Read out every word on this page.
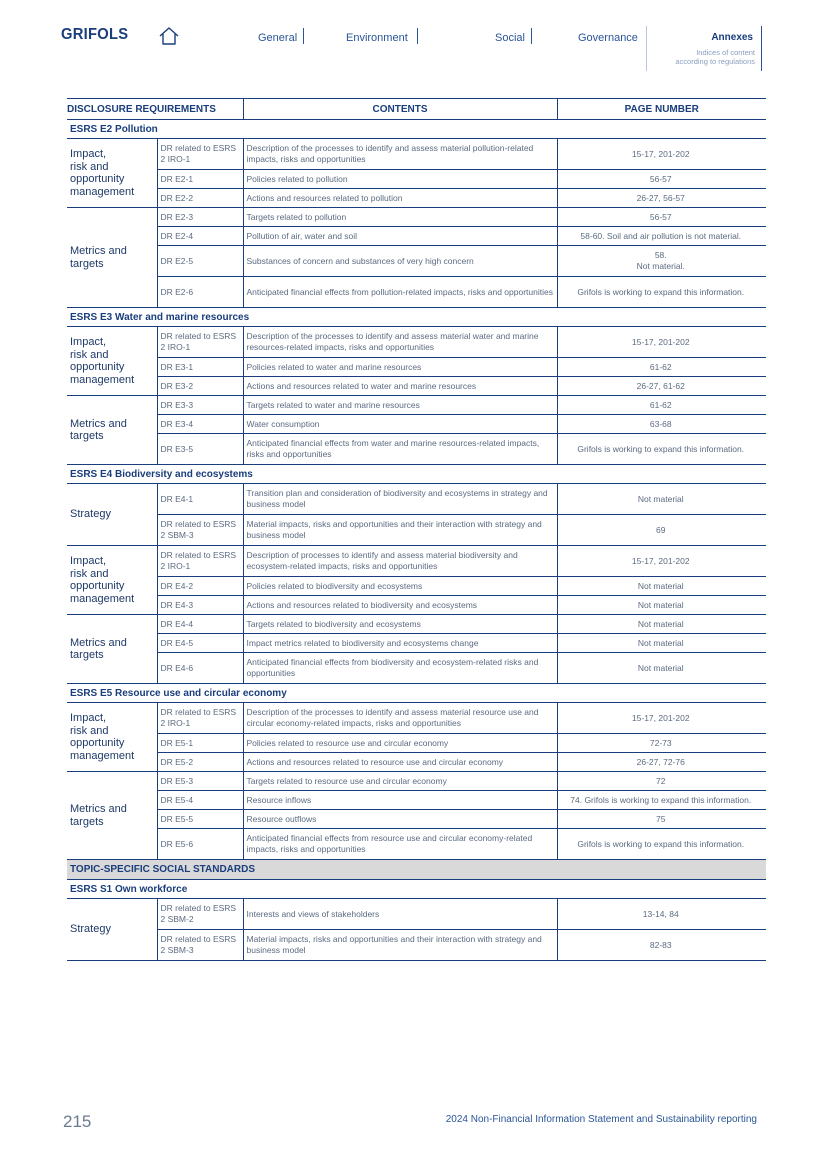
GRIFOLS	General	Environment	Social	Governance	Annexes
Indices of content
according to regulations
DISCLOSURE REQUIREMENTS		CONTENTS	PAGE NUMBER
ESRS E2 Pollution			
Impact,
risk and
opportunity
management	DR related to ESRS 2 IRO-1	Description of the processes to identify and assess material pollution-related impacts, risks and opportunities	15-17, 201-202
	DR E2-1	Policies related to pollution	56-57
	DR E2-2	Actions and resources related to pollution	26-27, 56-57
Metrics and
targets	DR E2-3	Targets related to pollution	56-57
	DR E2-4	Pollution of air, water and soil	58-60. Soil and air pollution is not material.
	DR E2-5	Substances of concern and substances of very high concern	58.
Not material.
	DR E2-6	Anticipated financial effects from pollution-related impacts, risks and opportunities	Grifols is working to expand this information.
ESRS E3 Water and marine resources			
Impact,
risk and
opportunity
management	DR related to ESRS 2 IRO-1	Description of the processes to identify and assess material water and marine resources-related impacts, risks and opportunities	15-17, 201-202
	DR E3-1	Policies related to water and marine resources	61-62
	DR E3-2	Actions and resources related to water and marine resources	26-27, 61-62
Metrics and
targets	DR E3-3	Targets related to water and marine resources	61-62
	DR E3-4	Water consumption	63-68
	DR E3-5	Anticipated financial effects from water and marine resources-related impacts, risks and opportunities	Grifols is working to expand this information.
ESRS E4 Biodiversity and ecosystems			
Strategy	DR E4-1	Transition plan and consideration of biodiversity and ecosystems in strategy and business model	Not material
	DR related to ESRS 2 SBM-3	Material impacts, risks and opportunities and their interaction with strategy and business model	69
Impact,
risk and
opportunity
management	DR related to ESRS 2 IRO-1	Description of processes to identify and assess material biodiversity and ecosystem-related impacts, risks and opportunities	15-17, 201-202
	DR E4-2	Policies related to biodiversity and ecosystems	Not material
	DR E4-3	Actions and resources related to biodiversity and ecosystems	Not material
Metrics and
targets	DR E4-4	Targets related to biodiversity and ecosystems	Not material
	DR E4-5	Impact metrics related to biodiversity and ecosystems change	Not material
	DR E4-6	Anticipated financial effects from biodiversity and ecosystem-related risks and opportunities	Not material
ESRS E5 Resource use and circular economy			
Impact,
risk and
opportunity
management	DR related to ESRS 2 IRO-1	Description of the processes to identify and assess material resource use and circular economy-related impacts, risks and opportunities	15-17, 201-202
	DR E5-1	Policies related to resource use and circular economy	72-73
	DR E5-2	Actions and resources related to resource use and circular economy	26-27, 72-76
Metrics and
targets	DR E5-3	Targets related to resource use and circular economy	72
	DR E5-4	Resource inflows	74. Grifols is working to expand this information.
	DR E5-5	Resource outflows	75
	DR E5-6	Anticipated financial effects from resource use and circular economy-related impacts, risks and opportunities	Grifols is working to expand this information.
TOPIC-SPECIFIC SOCIAL STANDARDS			
ESRS S1 Own workforce			
Strategy	DR related to ESRS 2 SBM-2	Interests and views of stakeholders	13-14, 84
	DR related to ESRS 2 SBM-3	Material impacts, risks and opportunities and their interaction with strategy and business model	82-83
215	2024 Non-Financial Information Statement and Sustainability reporting
